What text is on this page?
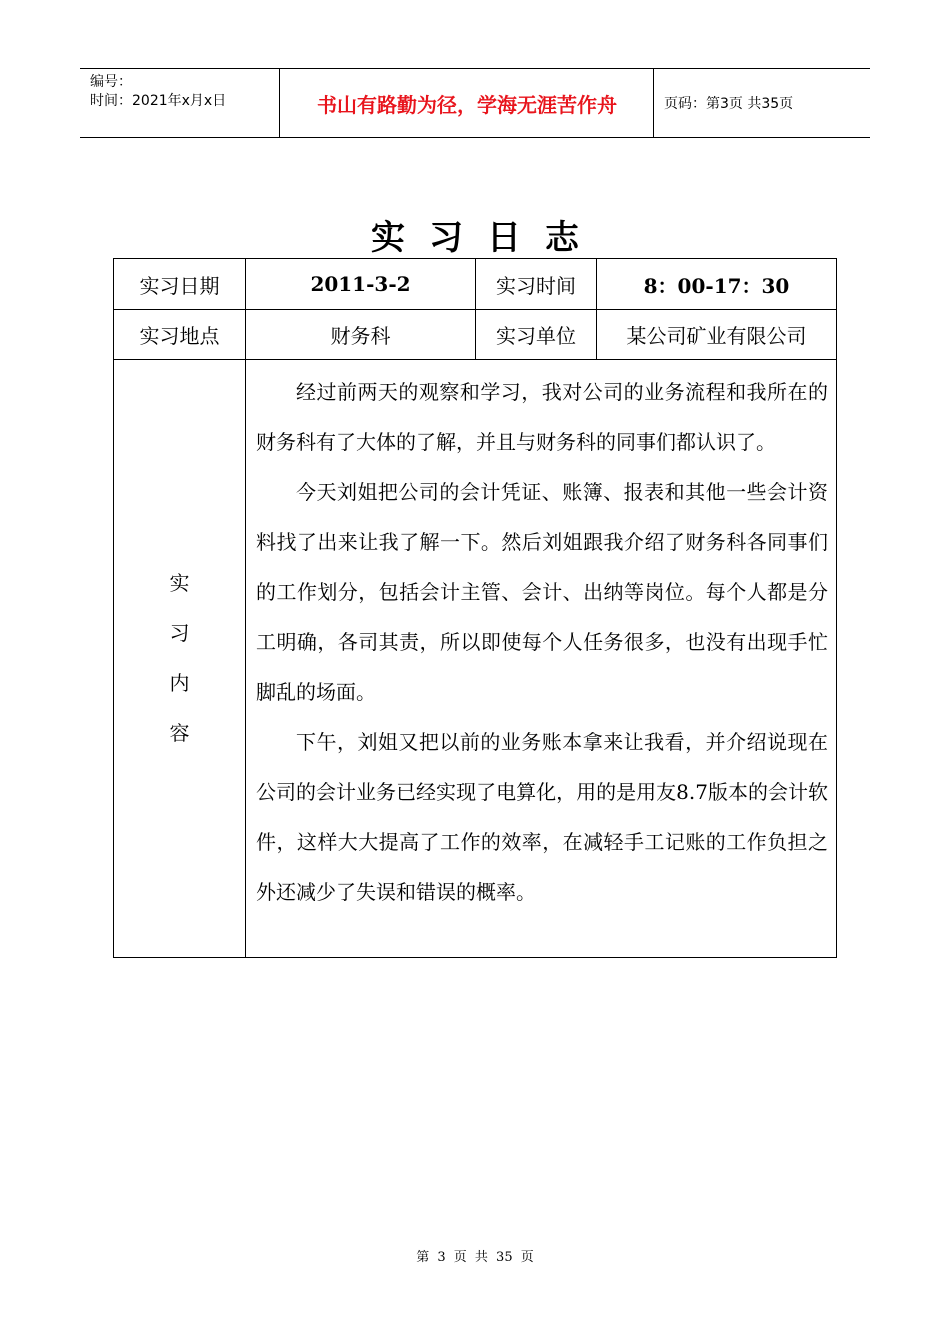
编号：
时间：2021年x月x日	书山有路勤为径，学海无涯苦作舟	页码：第3页 共35页
实习日志
实习日期	2011-3-2	实习时间	8：00-17：30
实习地点	财务科	实习单位	某公司矿业有限公司
实
习
内
容

经过前两天的观察和学习，我对公司的业务流程和我所在的财务科有了大体的了解，并且与财务科的同事们都认识了。

今天刘姐把公司的会计凭证、账簿、报表和其他一些会计资料找了出来让我了解一下。然后刘姐跟我介绍了财务科各同事们的工作划分，包括会计主管、会计、出纳等岗位。每个人都是分工明确，各司其责，所以即使每个人任务很多，也没有出现手忙脚乱的场面。

下午，刘姐又把以前的业务账本拿来让我看，并介绍说现在公司的会计业务已经实现了电算化，用的是用友8.7版本的会计软件，这样大大提高了工作的效率，在减轻手工记账的工作负担之外还减少了失误和错误的概率。

第 3 页 共 35 页
